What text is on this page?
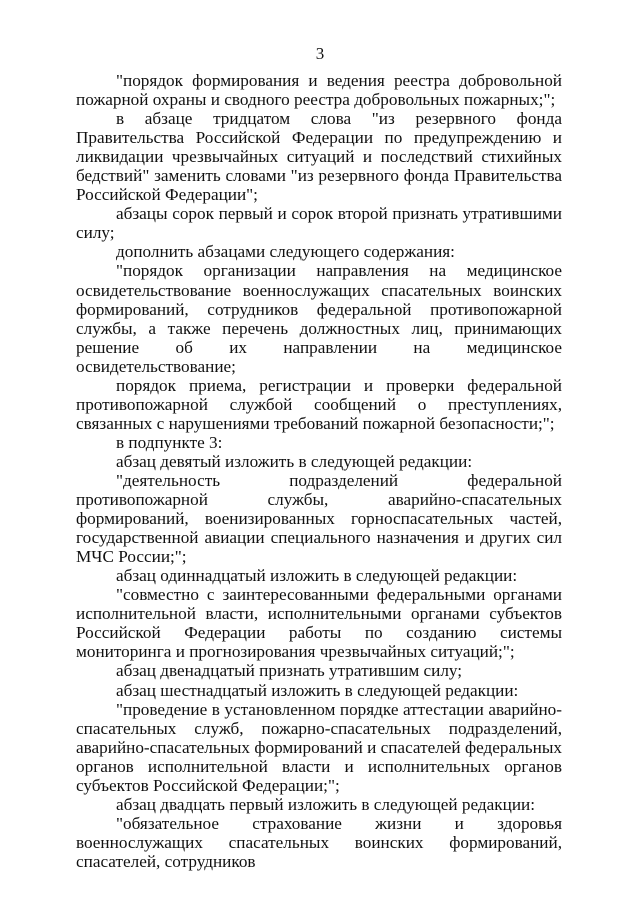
3

"порядок формирования и ведения реестра добровольной пожарной охраны и сводного реестра добровольных пожарных;";

в абзаце тридцатом слова "из резервного фонда Правительства Российской Федерации по предупреждению и ликвидации чрезвычайных ситуаций и последствий стихийных бедствий" заменить словами "из резервного фонда Правительства Российской Федерации";

абзацы сорок первый и сорок второй признать утратившими силу;

дополнить абзацами следующего содержания:

"порядок организации направления на медицинское освидетельствование военнослужащих спасательных воинских формирований, сотрудников федеральной противопожарной службы, а также перечень должностных лиц, принимающих решение об их направлении на медицинское освидетельствование;

порядок приема, регистрации и проверки федеральной противопожарной службой сообщений о преступлениях, связанных с нарушениями требований пожарной безопасности;";

в подпункте 3:

абзац девятый изложить в следующей редакции:

"деятельность подразделений федеральной противопожарной службы, аварийно-спасательных формирований, военизированных горноспасательных частей, государственной авиации специального назначения и других сил МЧС России;";

абзац одиннадцатый изложить в следующей редакции:

"совместно с заинтересованными федеральными органами исполнительной власти, исполнительными органами субъектов Российской Федерации работы по созданию системы мониторинга и прогнозирования чрезвычайных ситуаций;";

абзац двенадцатый признать утратившим силу;

абзац шестнадцатый изложить в следующей редакции:

"проведение в установленном порядке аттестации аварийно-спасательных служб, пожарно-спасательных подразделений, аварийно-спасательных формирований и спасателей федеральных органов исполнительной власти и исполнительных органов субъектов Российской Федерации;";

абзац двадцать первый изложить в следующей редакции:

"обязательное страхование жизни и здоровья военнослужащих спасательных воинских формирований, спасателей, сотрудников
